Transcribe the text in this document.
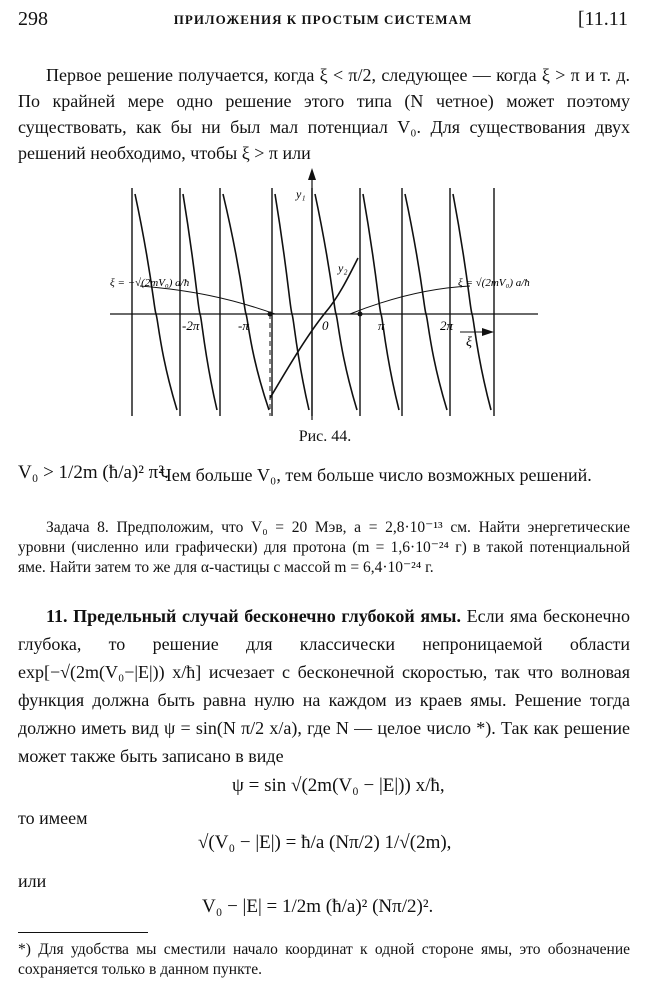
298	ПРИЛОЖЕНИЯ К ПРОСТЫМ СИСТЕМАМ	[11.11
Первое решение получается, когда ξ < π/2, следующее — когда ξ > π и т. д. По крайней мере одно решение этого типа (N четное) может поэтому существовать, как бы ни был мал потенциал V₀. Для существования двух решений необходимо, чтобы ξ > π или
y₁
y₂
ξ
ξ = −√(2mV₀) a/ħ	ξ = √(2mV₀) a/ħ
-2π	-π	0	π	2π
Рис. 44.
V₀ > 1/2m (ħ/a)² π².
Чем больше V₀, тем больше число возможных решений.
Задача 8. Предположим, что V₀ = 20 Мэв, a = 2,8·10⁻¹³ см. Найти энергетические уровни (численно или графически) для протона (m = 1,6·10⁻²⁴ г) в такой потенциальной яме. Найти затем то же для α-частицы с массой m = 6,4·10⁻²⁴ г.
11. Предельный случай бесконечно глубокой ямы. Если яма бесконечно глубока, то решение для классически непроницаемой области exp[−√(2m(V₀−|E|)) x/ħ] исчезает с бесконечной скоростью, так что волновая функция должна быть равна нулю на каждом из краев ямы. Решение тогда должно иметь вид ψ = sin(N π/2 x/a), где N — целое число *). Так как решение может также быть записано в виде
ψ = sin √(2m(V₀ − |E|)) x/ħ,
то имеем
√(V₀ − |E|) = ħ/a (Nπ/2) 1/√(2m),
или
V₀ − |E| = 1/2m (ħ/a)² (Nπ/2)².
*) Для удобства мы сместили начало координат к одной стороне ямы, это обозначение сохраняется только в данном пункте.
